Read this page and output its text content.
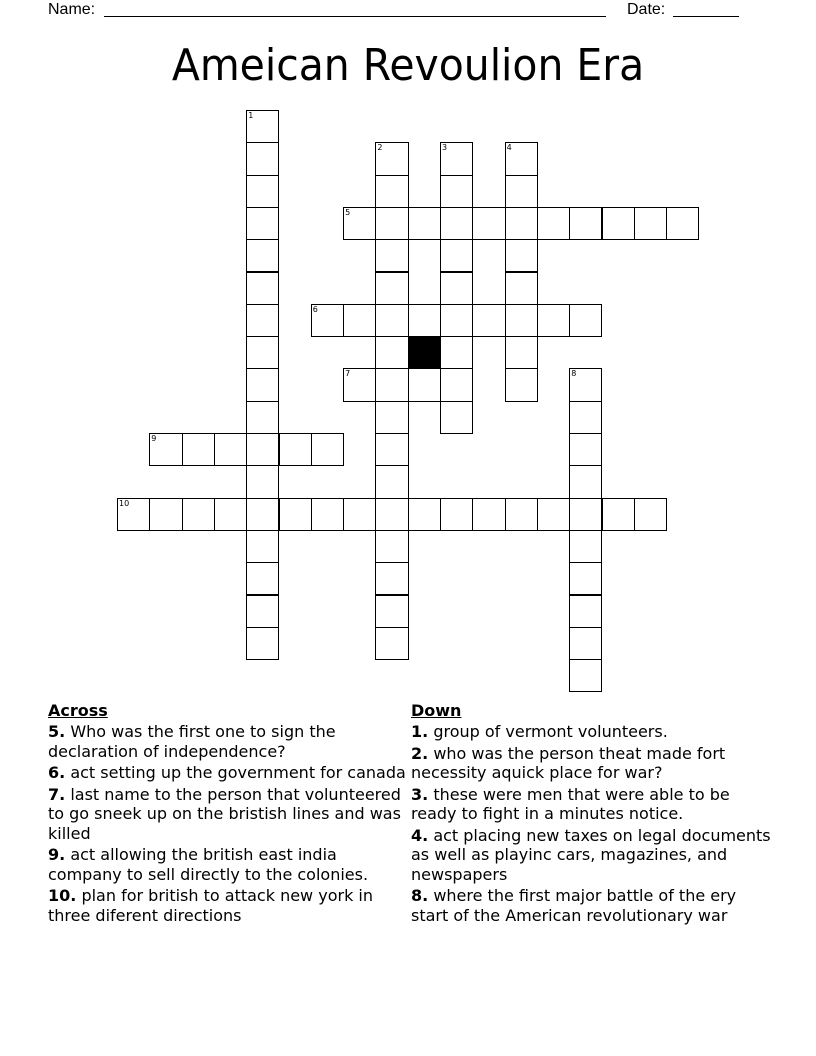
Name:	Date:
Ameican Revoulion Era
1
2	3	4
5
6
7	8
9
10
Across
5. Who was the first one to sign the declaration of independence?
6. act setting up the government for canada
7. last name to the person that volunteered to go sneek up on the bristish lines and was killed
9. act allowing the british east india company to sell directly to the colonies.
10. plan for british to attack new york in three diferent directions
Down
1. group of vermont volunteers.
2. who was the person theat made fort necessity aquick place for war?
3. these were men that were able to be ready to fight in a minutes notice.
4. act placing new taxes on legal documents as well as playinc cars, magazines, and newspapers
8. where the first major battle of the ery start of the American revolutionary war
